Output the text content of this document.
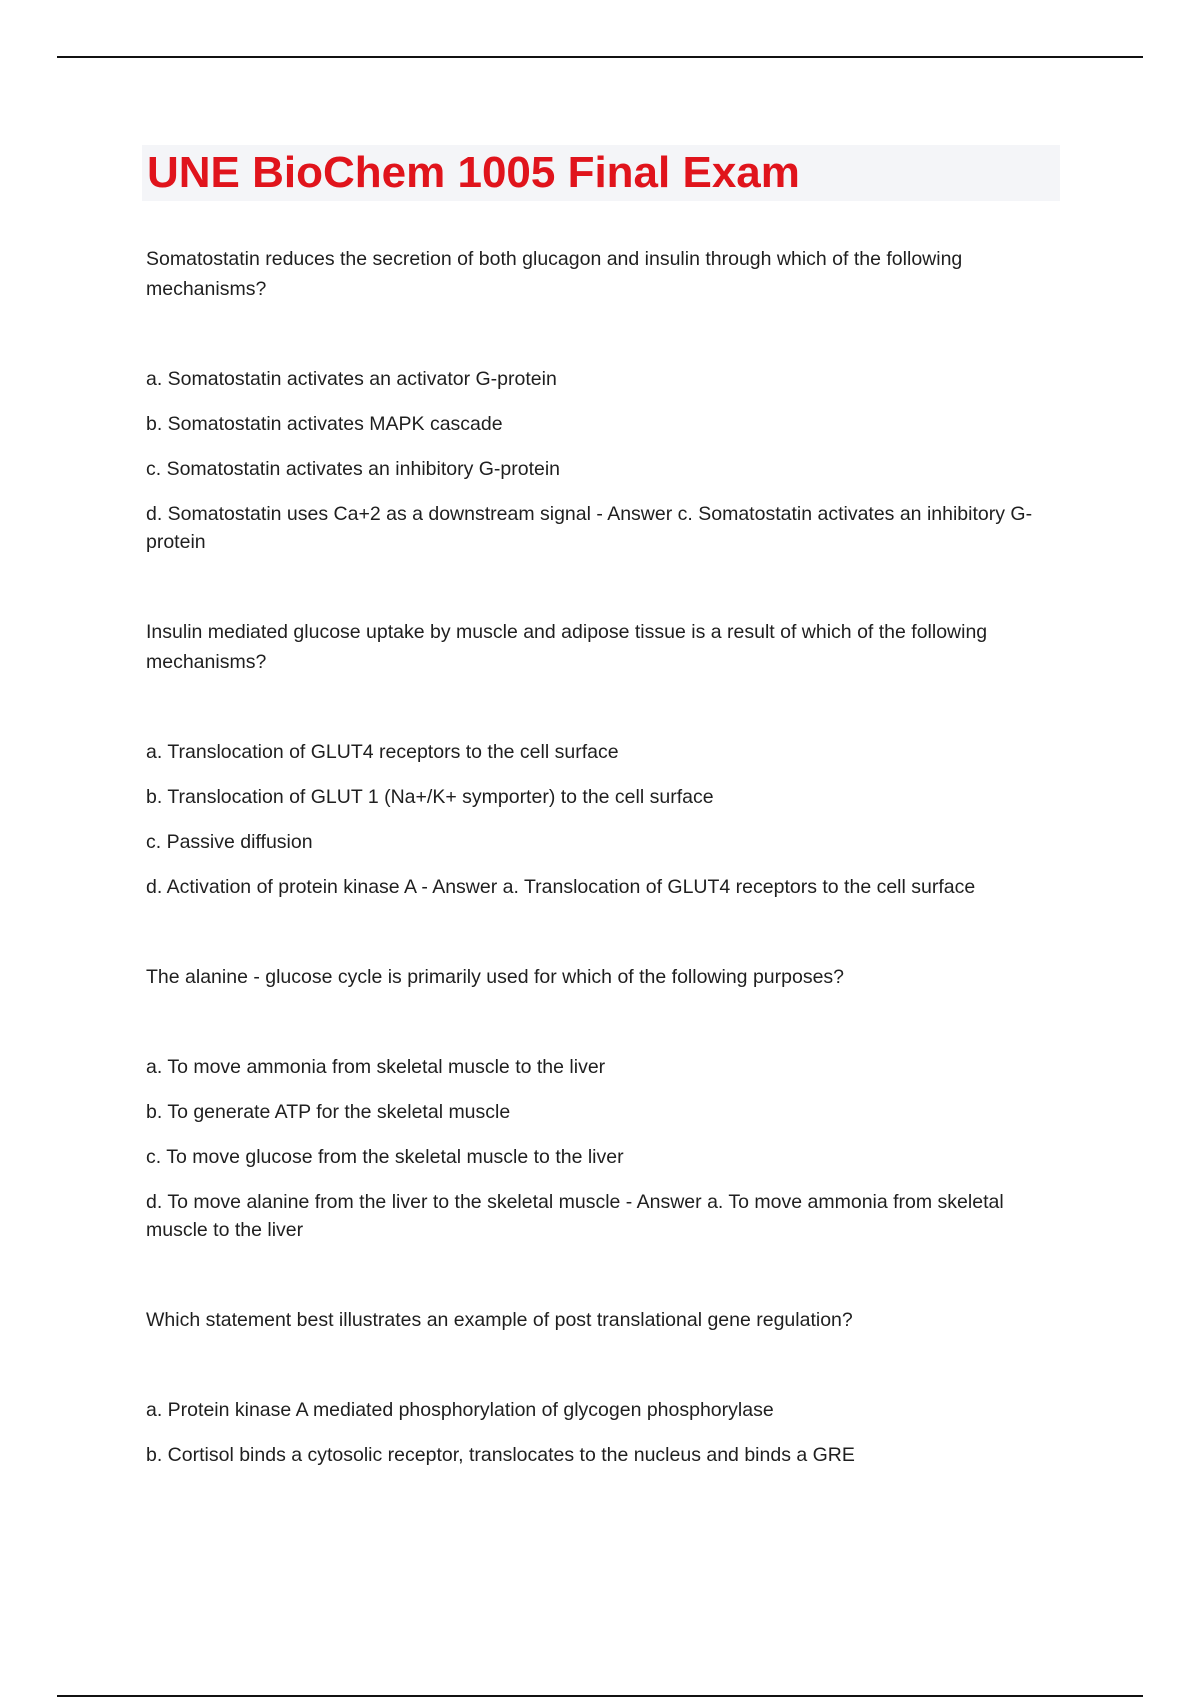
UNE BioChem 1005 Final Exam

Somatostatin reduces the secretion of both glucagon and insulin through which of the following mechanisms?

a. Somatostatin activates an activator G-protein

b. Somatostatin activates MAPK cascade

c. Somatostatin activates an inhibitory G-protein

d. Somatostatin uses Ca+2 as a downstream signal - Answer c. Somatostatin activates an inhibitory G-protein

Insulin mediated glucose uptake by muscle and adipose tissue is a result of which of the following mechanisms?

a. Translocation of GLUT4 receptors to the cell surface

b. Translocation of GLUT 1 (Na+/K+ symporter) to the cell surface

c. Passive diffusion

d. Activation of protein kinase A - Answer a. Translocation of GLUT4 receptors to the cell surface

The alanine - glucose cycle is primarily used for which of the following purposes?

a. To move ammonia from skeletal muscle to the liver

b. To generate ATP for the skeletal muscle

c. To move glucose from the skeletal muscle to the liver

d. To move alanine from the liver to the skeletal muscle - Answer a. To move ammonia from skeletal muscle to the liver

Which statement best illustrates an example of post translational gene regulation?

a. Protein kinase A mediated phosphorylation of glycogen phosphorylase

b. Cortisol binds a cytosolic receptor, translocates to the nucleus and binds a GRE
